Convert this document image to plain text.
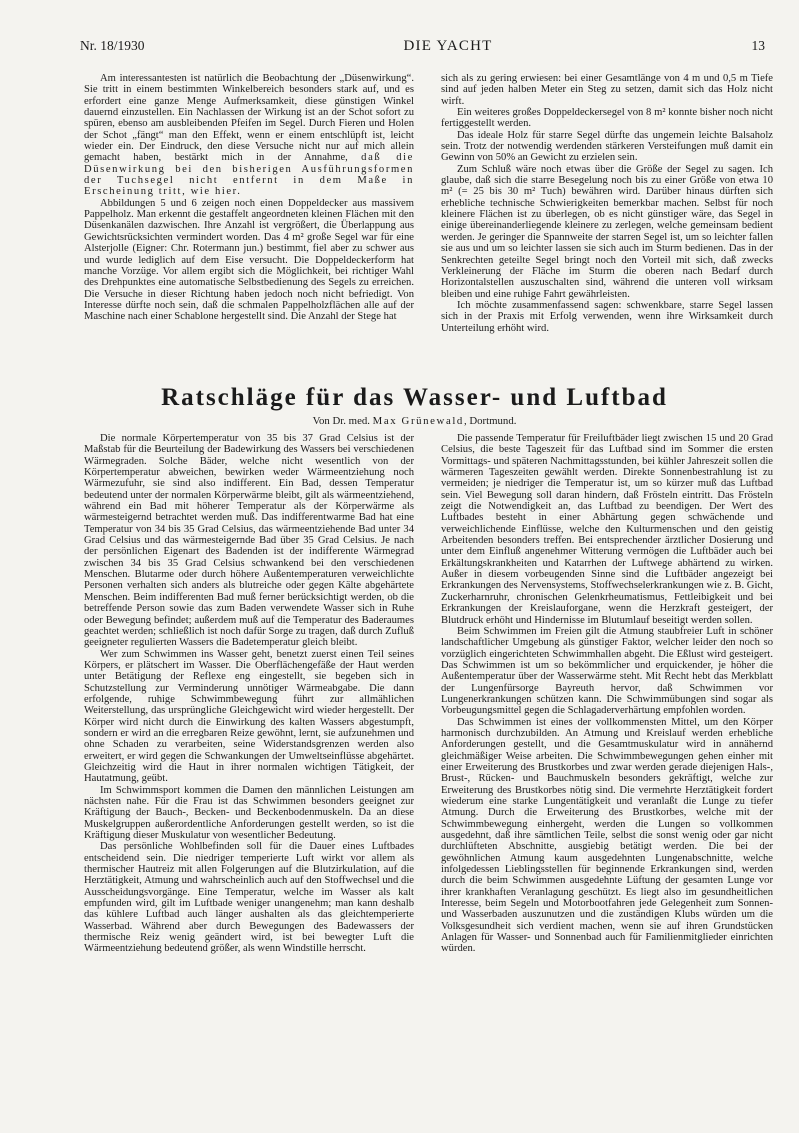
Nr. 18/1930	DIE YACHT	13

Am interessantesten ist natürlich die Beobachtung der „Düsenwirkung“. Sie tritt in einem bestimmten Winkelbereich besonders stark auf, und es erfordert eine ganze Menge Aufmerksamkeit, diese günstigen Winkel dauernd einzustellen. Ein Nachlassen der Wirkung ist an der Schot sofort zu spüren, ebenso am ausbleibenden Pfeifen im Segel. Durch Fieren und Holen der Schot „fängt“ man den Effekt, wenn er einem entschlüpft ist, leicht wieder ein. Der Eindruck, den diese Versuche nicht nur auf mich allein gemacht haben, bestärkt mich in der Annahme, daß die Düsenwirkung bei den bisherigen Ausführungsformen der Tuchsegel nicht entfernt in dem Maße in Erscheinung tritt, wie hier.

Abbildungen 5 und 6 zeigen noch einen Doppeldecker aus massivem Pappelholz. Man erkennt die gestaffelt angeordneten kleinen Flächen mit den Düsenkanälen dazwischen. Ihre Anzahl ist vergrößert, die Überlappung aus Gewichtsrücksichten vermindert worden. Das 4 m² große Segel war für eine Alsterjolle (Eigner: Chr. Rotermann jun.) bestimmt, fiel aber zu schwer aus und wurde lediglich auf dem Eise versucht. Die Doppeldeckerform hat manche Vorzüge. Vor allem ergibt sich die Möglichkeit, bei richtiger Wahl des Drehpunktes eine automatische Selbstbedienung des Segels zu erreichen. Die Versuche in dieser Richtung haben jedoch noch nicht befriedigt. Von Interesse dürfte noch sein, daß die schmalen Pappelholzflächen alle auf der Maschine nach einer Schablone hergestellt sind. Die Anzahl der Stege hat

sich als zu gering erwiesen: bei einer Gesamtlänge von 4 m und 0,5 m Tiefe sind auf jeden halben Meter ein Steg zu setzen, damit sich das Holz nicht wirft.

Ein weiteres großes Doppeldeckersegel von 8 m² konnte bisher noch nicht fertiggestellt werden.

Das ideale Holz für starre Segel dürfte das ungemein leichte Balsaholz sein. Trotz der notwendig werdenden stärkeren Versteifungen muß damit ein Gewinn von 50% an Gewicht zu erzielen sein.

Zum Schluß wäre noch etwas über die Größe der Segel zu sagen. Ich glaube, daß sich die starre Besegelung noch bis zu einer Größe von etwa 10 m² (= 25 bis 30 m² Tuch) bewähren wird. Darüber hinaus dürften sich erhebliche technische Schwierigkeiten bemerkbar machen. Selbst für noch kleinere Flächen ist zu überlegen, ob es nicht günstiger wäre, das Segel in einige übereinanderliegende kleinere zu zerlegen, welche gemeinsam bedient werden. Je geringer die Spannweite der starren Segel ist, um so leichter fallen sie aus und um so leichter lassen sie sich auch im Sturm bedienen. Das in der Senkrechten geteilte Segel bringt noch den Vorteil mit sich, daß zwecks Verkleinerung der Fläche im Sturm die oberen nach Bedarf durch Horizontalstellen auszuschalten sind, während die unteren voll wirksam bleiben und eine ruhige Fahrt gewährleisten.

Ich möchte zusammenfassend sagen: schwenkbare, starre Segel lassen sich in der Praxis mit Erfolg verwenden, wenn ihre Wirksamkeit durch Unterteilung erhöht wird.

Ratschläge für das Wasser- und Luftbad
Von Dr. med. Max Grünewald, Dortmund.

Die normale Körpertemperatur von 35 bis 37 Grad Celsius ist der Maßstab für die Beurteilung der Badewirkung des Wassers bei verschiedenen Wärmegraden. Solche Bäder, welche nicht wesentlich von der Körpertemperatur abweichen, bewirken weder Wärmeentziehung noch Wärmezufuhr, sie sind also indifferent. Ein Bad, dessen Temperatur bedeutend unter der normalen Körperwärme bleibt, gilt als wärmeentziehend, während ein Bad mit höherer Temperatur als der Körperwärme als wärmesteigernd betrachtet werden muß. Das indifferentwarme Bad hat eine Temperatur von 34 bis 35 Grad Celsius, das wärmeentziehende Bad unter 34 Grad Celsius und das wärmesteigernde Bad über 35 Grad Celsius. Je nach der persönlichen Eigenart des Badenden ist der indifferente Wärmegrad zwischen 34 bis 35 Grad Celsius schwankend bei den verschiedenen Menschen. Blutarme oder durch höhere Außentemperaturen verweichlichte Personen verhalten sich anders als blutreiche oder gegen Kälte abgehärtete Menschen. Beim indifferenten Bad muß ferner berücksichtigt werden, ob die betreffende Person sowie das zum Baden verwendete Wasser sich in Ruhe oder Bewegung befindet; außerdem muß auf die Temperatur des Baderaumes geachtet werden; schließlich ist noch dafür Sorge zu tragen, daß durch Zufluß geeigneter regulierten Wassers die Badetemperatur gleich bleibt.

Wer zum Schwimmen ins Wasser geht, benetzt zuerst einen Teil seines Körpers, er plätschert im Wasser. Die Oberflächengefäße der Haut werden unter Betätigung der Reflexe eng eingestellt, sie begeben sich in Schutzstellung zur Verminderung unnötiger Wärmeabgabe. Die dann erfolgende, ruhige Schwimmbewegung führt zur allmählichen Weiterstellung, das ursprüngliche Gleichgewicht wird wieder hergestellt. Der Körper wird nicht durch die Einwirkung des kalten Wassers abgestumpft, sondern er wird an die erregbaren Reize gewöhnt, lernt, sie aufzunehmen und ohne Schaden zu verarbeiten, seine Widerstandsgrenzen werden also erweitert, er wird gegen die Schwankungen der Umweltseinflüsse abgehärtet. Gleichzeitig wird die Haut in ihrer normalen wichtigen Tätigkeit, der Hautatmung, geübt.

Im Schwimmsport kommen die Damen den männlichen Leistungen am nächsten nahe. Für die Frau ist das Schwimmen besonders geeignet zur Kräftigung der Bauch-, Becken- und Beckenbodenmuskeln. Da an diese Muskelgruppen außerordentliche Anforderungen gestellt werden, so ist die Kräftigung dieser Muskulatur von wesentlicher Bedeutung.

Das persönliche Wohlbefinden soll für die Dauer eines Luftbades entscheidend sein. Die niedriger temperierte Luft wirkt vor allem als thermischer Hautreiz mit allen Folgerungen auf die Blutzirkulation, auf die Herztätigkeit, Atmung und wahrscheinlich auch auf den Stoffwechsel und die Ausscheidungsvorgänge. Eine Temperatur, welche im Wasser als kalt empfunden wird, gilt im Luftbade weniger unangenehm; man kann deshalb das kühlere Luftbad auch länger aushalten als das gleichtemperierte Wasserbad. Während aber durch Bewegungen des Badewassers der thermische Reiz wenig geändert wird, ist bei bewegter Luft die Wärmeentziehung bedeutend größer, als wenn Windstille herrscht.

Die passende Temperatur für Freiluftbäder liegt zwischen 15 und 20 Grad Celsius, die beste Tageszeit für das Luftbad sind im Sommer die ersten Vormittags- und späteren Nachmittagsstunden, bei kühler Jahreszeit sollen die wärmeren Tageszeiten gewählt werden. Direkte Sonnenbestrahlung ist zu vermeiden; je niedriger die Temperatur ist, um so kürzer muß das Luftbad sein. Viel Bewegung soll daran hindern, daß Frösteln eintritt. Das Frösteln zeigt die Notwendigkeit an, das Luftbad zu beendigen. Der Wert des Luftbades besteht in einer Abhärtung gegen schwächende und verweichlichende Einflüsse, welche den Kulturmenschen und den geistig Arbeitenden besonders treffen. Bei entsprechender ärztlicher Dosierung und unter dem Einfluß angenehmer Witterung vermögen die Luftbäder auch bei Erkältungskrankheiten und Katarrhen der Luftwege abhärtend zu wirken. Außer in diesem vorbeugenden Sinne sind die Luftbäder angezeigt bei Erkrankungen des Nervensystems, Stoffwechselerkrankungen wie z. B. Gicht, Zuckerharnruhr, chronischen Gelenkrheumatismus, Fettleibigkeit und bei Erkrankungen der Kreislauforgane, wenn die Herzkraft gesteigert, der Blutdruck erhöht und Hindernisse im Blutumlauf beseitigt werden sollen.

Beim Schwimmen im Freien gilt die Atmung staubfreier Luft in schöner landschaftlicher Umgebung als günstiger Faktor, welcher leider den noch so vorzüglich eingerichteten Schwimmhallen abgeht. Die Eßlust wird gesteigert. Das Schwimmen ist um so bekömmlicher und erquickender, je höher die Außentemperatur über der Wasserwärme steht. Mit Recht hebt das Merkblatt der Lungenfürsorge Bayreuth hervor, daß Schwimmen vor Lungenerkrankungen schützen kann. Die Schwimmübungen sind sogar als Vorbeugungsmittel gegen die Schlagaderverhärtung empfohlen worden.

Das Schwimmen ist eines der vollkommensten Mittel, um den Körper harmonisch durchzubilden. An Atmung und Kreislauf werden erhebliche Anforderungen gestellt, und die Gesamtmuskulatur wird in annähernd gleichmäßiger Weise arbeiten. Die Schwimmbewegungen gehen einher mit einer Erweiterung des Brustkorbes und zwar werden gerade diejenigen Hals-, Brust-, Rücken- und Bauchmuskeln besonders gekräftigt, welche zur Erweiterung des Brustkorbes nötig sind. Die vermehrte Herztätigkeit fordert wiederum eine starke Lungentätigkeit und veranlaßt die Lunge zu tiefer Atmung. Durch die Erweiterung des Brustkorbes, welche mit der Schwimmbewegung einhergeht, werden die Lungen so vollkommen ausgedehnt, daß ihre sämtlichen Teile, selbst die sonst wenig oder gar nicht durchlüfteten Abschnitte, ausgiebig betätigt werden. Die bei der gewöhnlichen Atmung kaum ausgedehnten Lungenabschnitte, welche infolgedessen Lieblingsstellen für beginnende Erkrankungen sind, werden durch die beim Schwimmen ausgedehnte Lüftung der gesamten Lunge vor ihrer krankhaften Veranlagung geschützt. Es liegt also im gesundheitlichen Interesse, beim Segeln und Motorbootfahren jede Gelegenheit zum Sonnen- und Wasserbaden auszunutzen und die zuständigen Klubs würden um die Volksgesundheit sich verdient machen, wenn sie auf ihren Grundstücken Anlagen für Wasser- und Sonnenbad auch für Familienmitglieder einrichten würden.
